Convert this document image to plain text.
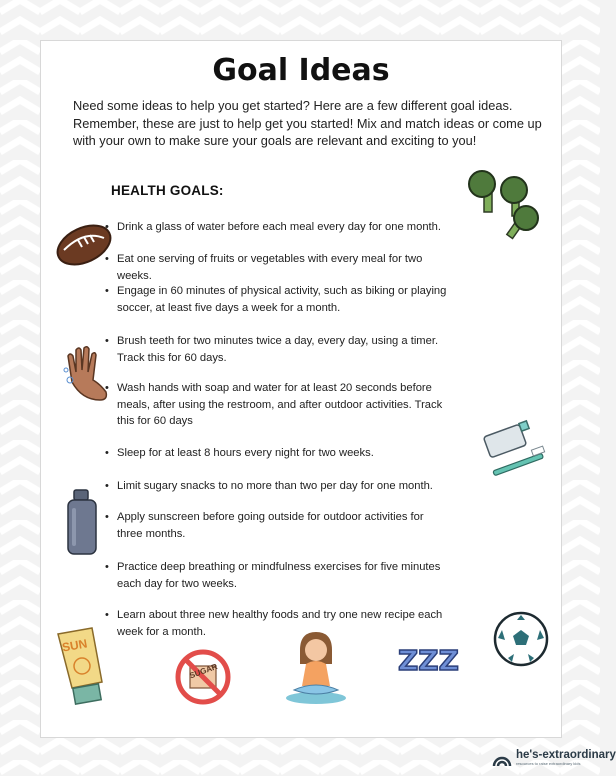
Goal Ideas
Need some ideas to help you get started? Here are a few different goal ideas. Remember, these are just to help get you started! Mix and match ideas or come up with your own to make sure your goals are relevant and exciting to you!
HEALTH GOALS:
• Drink a glass of water before each meal every day for one month.
• Eat one serving of fruits or vegetables with every meal for two weeks.
• Engage in 60 minutes of physical activity, such as biking or playing soccer, at least five days a week for a month.
• Brush teeth for two minutes twice a day, every day, using a timer. Track this for 60 days.
• Wash hands with soap and water for at least 20 seconds before meals, after using the restroom, and after outdoor activities. Track this for 60 days
• Sleep for at least 8 hours every night for two weeks.
• Limit sugary snacks to no more than two per day for one month.
• Apply sunscreen before going outside for outdoor activities for three months.
• Practice deep breathing or mindfulness exercises for five minutes each day for two weeks.
• Learn about three new healthy foods and try one new recipe each week for a month.
SUN
SUGAR	ZZZ
he's-extraordinary
resources to raise extraordinary kids
